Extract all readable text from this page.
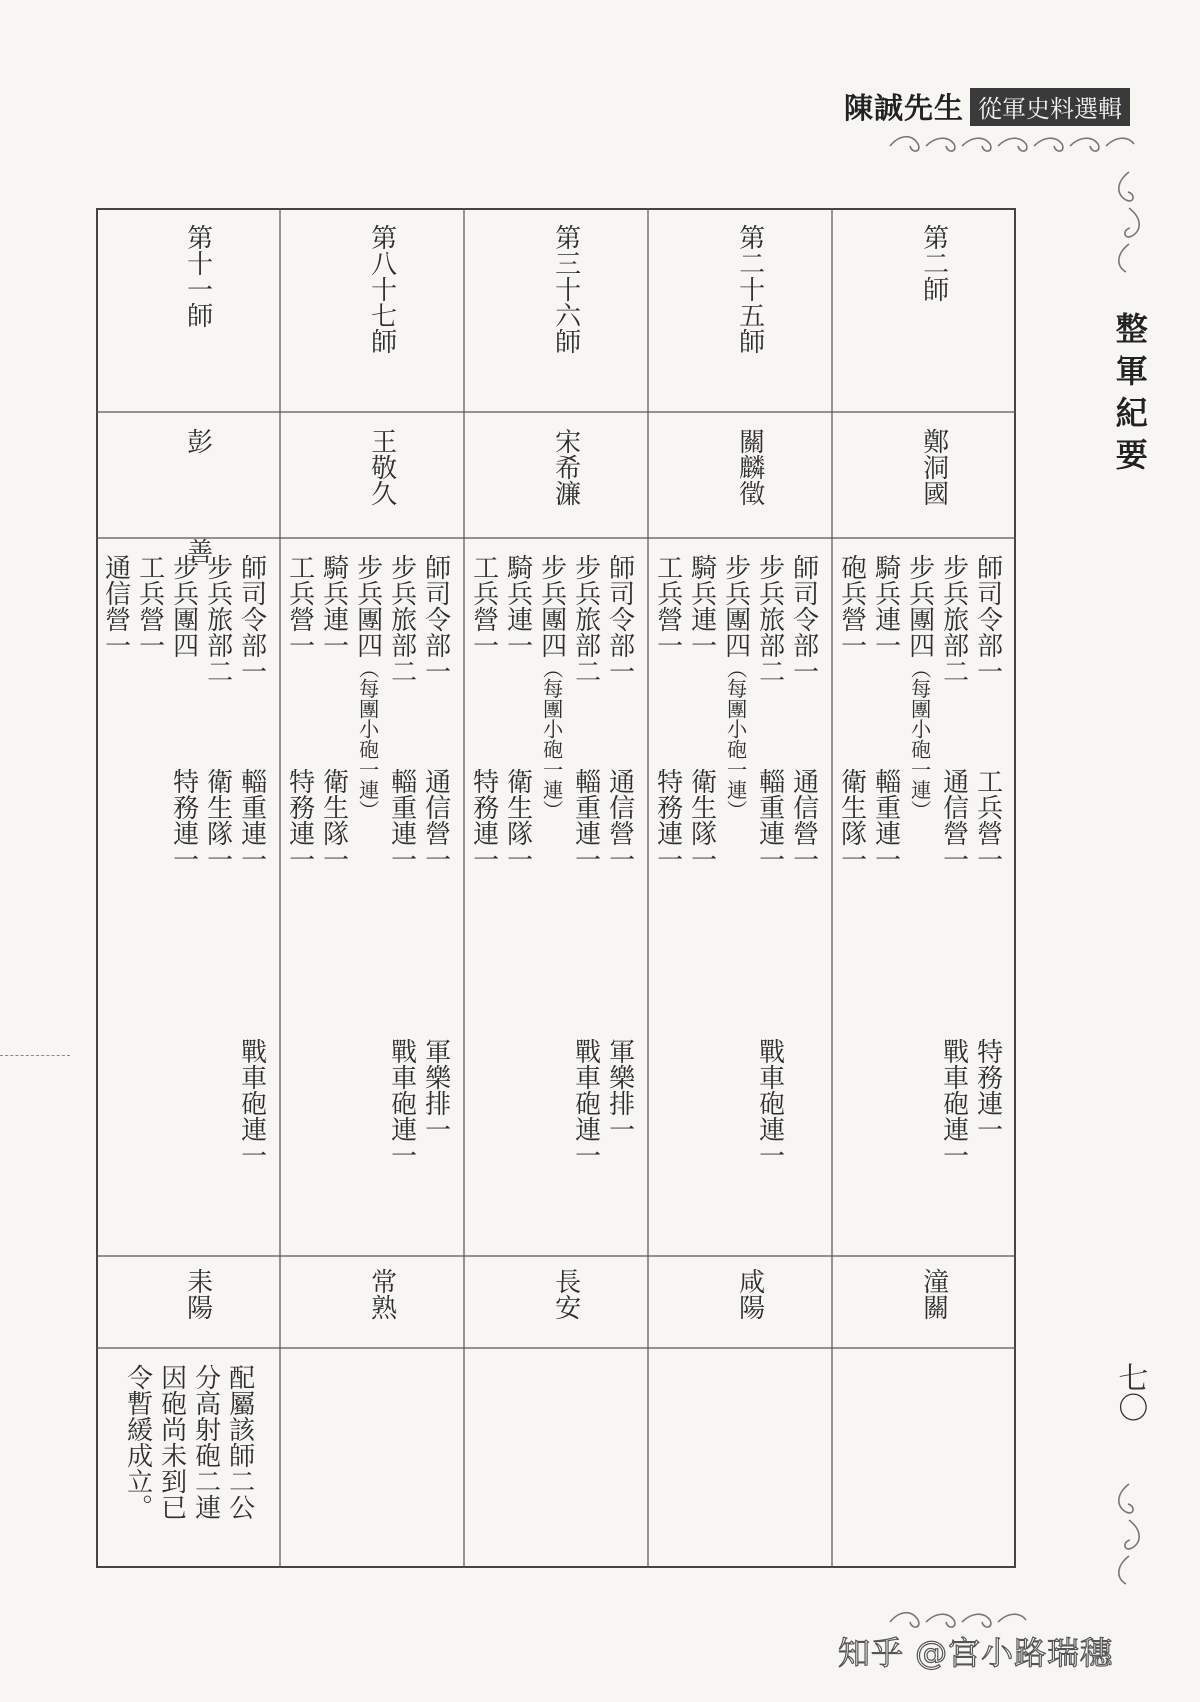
陳誠先生 從軍史料選輯
整軍紀要
七〇
第二師
鄭洞國
師司令部一
步兵旅部二
步兵團四（每團小砲一連）
騎兵連一
砲兵營一
工兵營一
通信營一
輜重連一
衛生隊一
特務連一
戰車砲連一
潼關
第二十五師
關麟徵
師司令部一
步兵旅部二
步兵團四（每團小砲一連）
騎兵連一
工兵營一
通信營一
輜重連一
衛生隊一
特務連一
戰車砲連一
咸陽
第三十六師
宋希濂
師司令部一
步兵旅部二
步兵團四（每團小砲一連）
騎兵連一
工兵營一
通信營一
輜重連一
衛生隊一
特務連一
軍樂排一
戰車砲連一
長安
第八十七師
王敬久
師司令部一
步兵旅部二
步兵團四（每團小砲一連）
騎兵連一
工兵營一
通信營一
輜重連一
衛生隊一
特務連一
軍樂排一
戰車砲連一
常熟
第十一師
彭  善
師司令部一
步兵旅部二
步兵團四
工兵營一
通信營一
輜重連一
衛生隊一
特務連一
戰車砲連一
耒陽
配屬該師二公
分高射砲二連
因砲尚未到已
令暫緩成立。
知乎 @宫小路瑞穗
